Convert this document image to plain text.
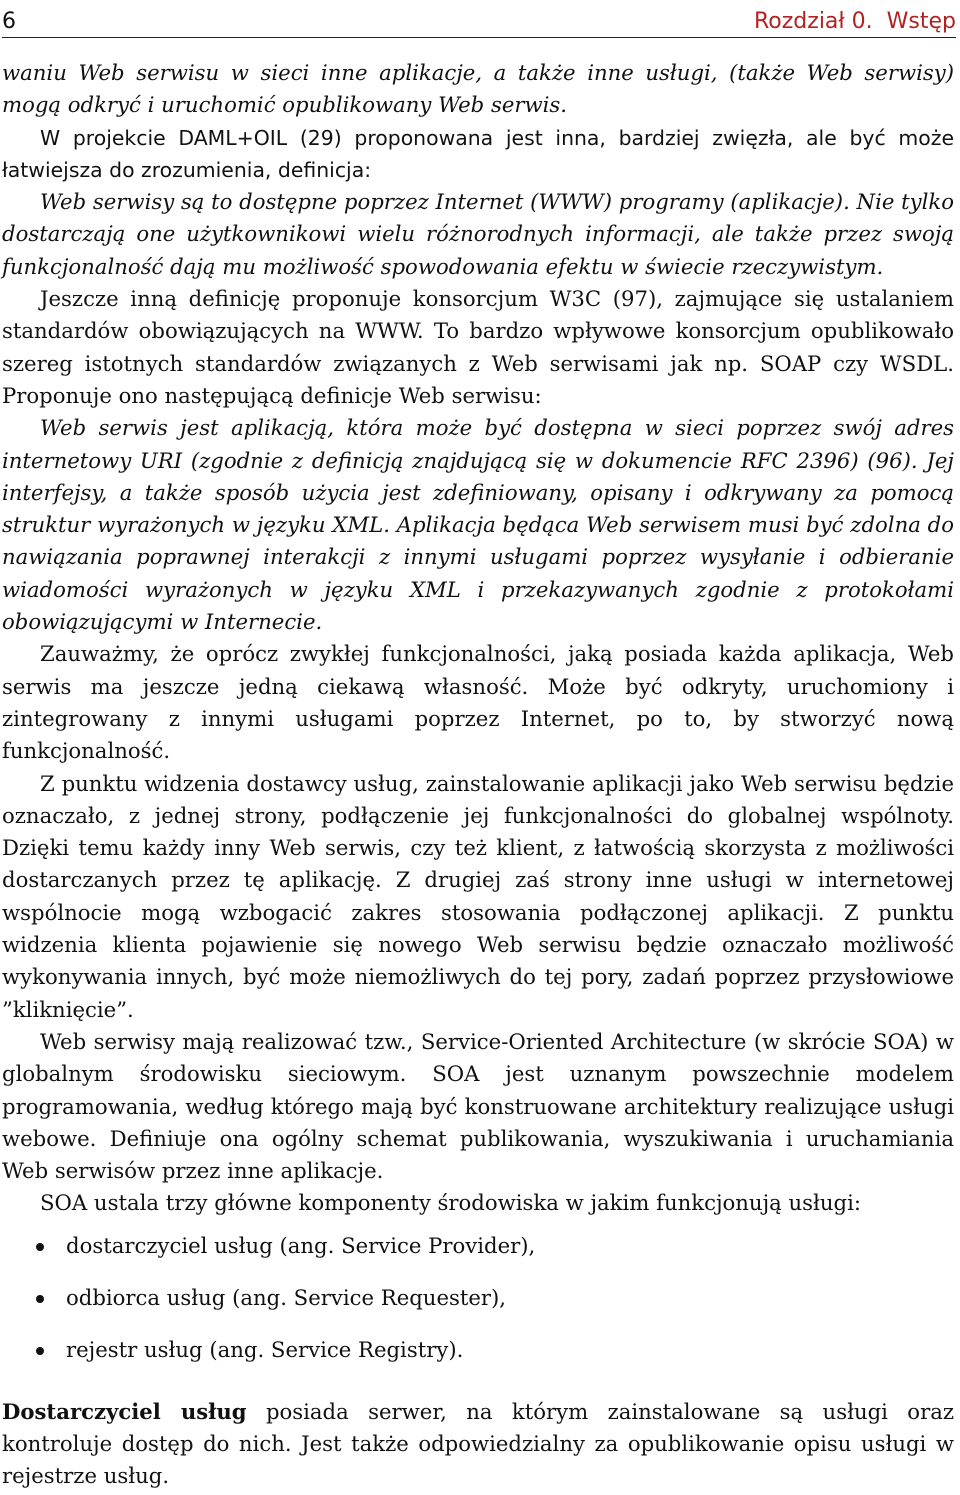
6	Rozdział 0. Wstęp

waniu Web serwisu w sieci inne aplikacje, a także inne usługi, (także Web serwisy) mogą odkryć i uruchomić opublikowany Web serwis.

W projekcie DAML+OIL (29) proponowana jest inna, bardziej zwięzła, ale być może łatwiejsza do zrozumienia, definicja:

Web serwisy są to dostępne poprzez Internet (WWW) programy (aplikacje). Nie tylko dostarczają one użytkownikowi wielu różnorodnych informacji, ale także przez swoją funkcjonalność dają mu możliwość spowodowania efektu w świecie rzeczywistym.

Jeszcze inną definicję proponuje konsorcjum W3C (97), zajmujące się ustalaniem standardów obowiązujących na WWW. To bardzo wpływowe konsorcjum opublikowało szereg istotnych standardów związanych z Web serwisami jak np. SOAP czy WSDL. Proponuje ono następującą definicje Web serwisu:

Web serwis jest aplikacją, która może być dostępna w sieci poprzez swój adres internetowy URI (zgodnie z definicją znajdującą się w dokumencie RFC 2396) (96). Jej interfejsy, a także sposób użycia jest zdefiniowany, opisany i odkrywany za pomocą struktur wyrażonych w języku XML. Aplikacja będąca Web serwisem musi być zdolna do nawiązania poprawnej interakcji z innymi usługami poprzez wysyłanie i odbieranie wiadomości wyrażonych w języku XML i przekazywanych zgodnie z protokołami obowiązującymi w Internecie.

Zauważmy, że oprócz zwykłej funkcjonalności, jaką posiada każda aplikacja, Web serwis ma jeszcze jedną ciekawą własność. Może być odkryty, uruchomiony i zintegrowany z innymi usługami poprzez Internet, po to, by stworzyć nową funkcjonalność.

Z punktu widzenia dostawcy usług, zainstalowanie aplikacji jako Web serwisu będzie oznaczało, z jednej strony, podłączenie jej funkcjonalności do globalnej wspólnoty. Dzięki temu każdy inny Web serwis, czy też klient, z łatwością skorzysta z możliwości dostarczanych przez tę aplikację. Z drugiej zaś strony inne usługi w internetowej wspólnocie mogą wzbogacić zakres stosowania podłączonej aplikacji. Z punktu widzenia klienta pojawienie się nowego Web serwisu będzie oznaczało możliwość wykonywania innych, być może niemożliwych do tej pory, zadań poprzez przysłowiowe ”kliknięcie”.

Web serwisy mają realizować tzw., Service-Oriented Architecture (w skrócie SOA) w globalnym środowisku sieciowym. SOA jest uznanym powszechnie modelem programowania, według którego mają być konstruowane architektury realizujące usługi webowe. Definiuje ona ogólny schemat publikowania, wyszukiwania i uruchamiania Web serwisów przez inne aplikacje.

SOA ustala trzy główne komponenty środowiska w jakim funkcjonują usługi:

dostarczyciel usług (ang. Service Provider),
odbiorca usług (ang. Service Requester),
rejestr usług (ang. Service Registry).

Dostarczyciel usług posiada serwer, na którym zainstalowane są usługi oraz kontroluje dostęp do nich. Jest także odpowiedzialny za opublikowanie opisu usługi w rejestrze usług.
